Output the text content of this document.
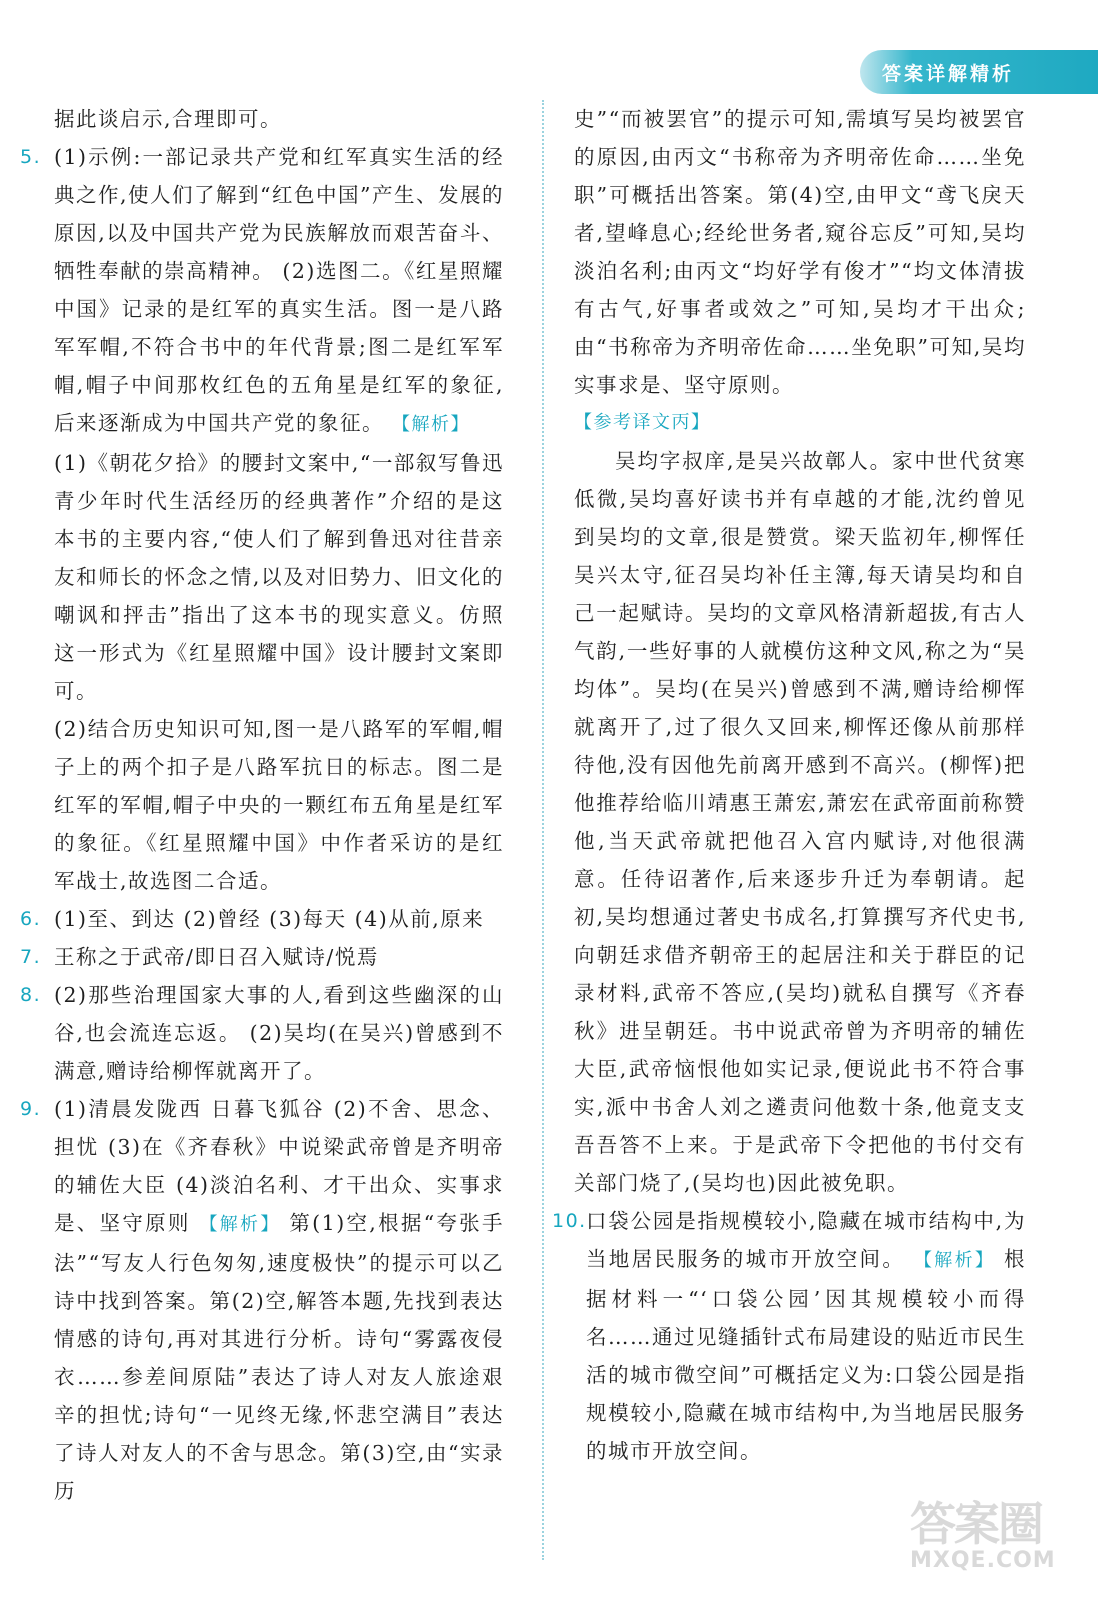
答案详解精析

据此谈启示,合理即可。

5. (1)示例:一部记录共产党和红军真实生活的经典之作,使人们了解到“红色中国”产生、发展的原因,以及中国共产党为民族解放而艰苦奋斗、牺牲奉献的崇高精神。 (2)选图二。《红星照耀中国》记录的是红军的真实生活。图一是八路军军帽,不符合书中的年代背景;图二是红军军帽,帽子中间那枚红色的五角星是红军的象征,后来逐渐成为中国共产党的象征。 【解析】

(1)《朝花夕拾》的腰封文案中,“一部叙写鲁迅青少年时代生活经历的经典著作”介绍的是这本书的主要内容,“使人们了解到鲁迅对往昔亲友和师长的怀念之情,以及对旧势力、旧文化的嘲讽和抨击”指出了这本书的现实意义。仿照这一形式为《红星照耀中国》设计腰封文案即可。

(2)结合历史知识可知,图一是八路军的军帽,帽子上的两个扣子是八路军抗日的标志。图二是红军的军帽,帽子中央的一颗红布五角星是红军的象征。《红星照耀中国》中作者采访的是红军战士,故选图二合适。

6. (1)至、到达 (2)曾经 (3)每天 (4)从前,原来

7. 王称之于武帝/即日召入赋诗/悦焉

8. (2)那些治理国家大事的人,看到这些幽深的山谷,也会流连忘返。 (2)吴均(在吴兴)曾感到不满意,赠诗给柳恽就离开了。

9. (1)清晨发陇西 日暮飞狐谷 (2)不舍、思念、担忧 (3)在《齐春秋》中说梁武帝曾是齐明帝的辅佐大臣 (4)淡泊名利、才干出众、实事求是、坚守原则 【解析】 第(1)空,根据“夸张手法”“写友人行色匆匆,速度极快”的提示可以乙诗中找到答案。第(2)空,解答本题,先找到表达情感的诗句,再对其进行分析。诗句“雾露夜侵衣……参差间原陆”表达了诗人对友人旅途艰辛的担忧;诗句“一见终无缘,怀悲空满目”表达了诗人对友人的不舍与思念。第(3)空,由“实录历

史”“而被罢官”的提示可知,需填写吴均被罢官的原因,由丙文“书称帝为齐明帝佐命……坐免职”可概括出答案。第(4)空,由甲文“鸢飞戾天者,望峰息心;经纶世务者,窥谷忘反”可知,吴均淡泊名利;由丙文“均好学有俊才”“均文体清拔有古气,好事者或效之”可知,吴均才干出众;由“书称帝为齐明帝佐命……坐免职”可知,吴均实事求是、坚守原则。

【参考译文丙】

吴均字叔庠,是吴兴故鄣人。家中世代贫寒低微,吴均喜好读书并有卓越的才能,沈约曾见到吴均的文章,很是赞赏。梁天监初年,柳恽任吴兴太守,征召吴均补任主簿,每天请吴均和自己一起赋诗。吴均的文章风格清新超拔,有古人气韵,一些好事的人就模仿这种文风,称之为“吴均体”。吴均(在吴兴)曾感到不满,赠诗给柳恽就离开了,过了很久又回来,柳恽还像从前那样待他,没有因他先前离开感到不高兴。(柳恽)把他推荐给临川靖惠王萧宏,萧宏在武帝面前称赞他,当天武帝就把他召入宫内赋诗,对他很满意。任待诏著作,后来逐步升迁为奉朝请。起初,吴均想通过著史书成名,打算撰写齐代史书,向朝廷求借齐朝帝王的起居注和关于群臣的记录材料,武帝不答应,(吴均)就私自撰写《齐春秋》进呈朝廷。书中说武帝曾为齐明帝的辅佐大臣,武帝恼恨他如实记录,便说此书不符合事实,派中书舍人刘之遴责问他数十条,他竟支支吾吾答不上来。于是武帝下令把他的书付交有关部门烧了,(吴均也)因此被免职。

10. 口袋公园是指规模较小,隐藏在城市结构中,为当地居民服务的城市开放空间。 【解析】 根据材料一“‘口袋公园’因其规模较小而得名……通过见缝插针式布局建设的贴近市民生活的城市微空间”可概括定义为:口袋公园是指规模较小,隐藏在城市结构中,为当地居民服务的城市开放空间。

答案圈
MXQE.COM
